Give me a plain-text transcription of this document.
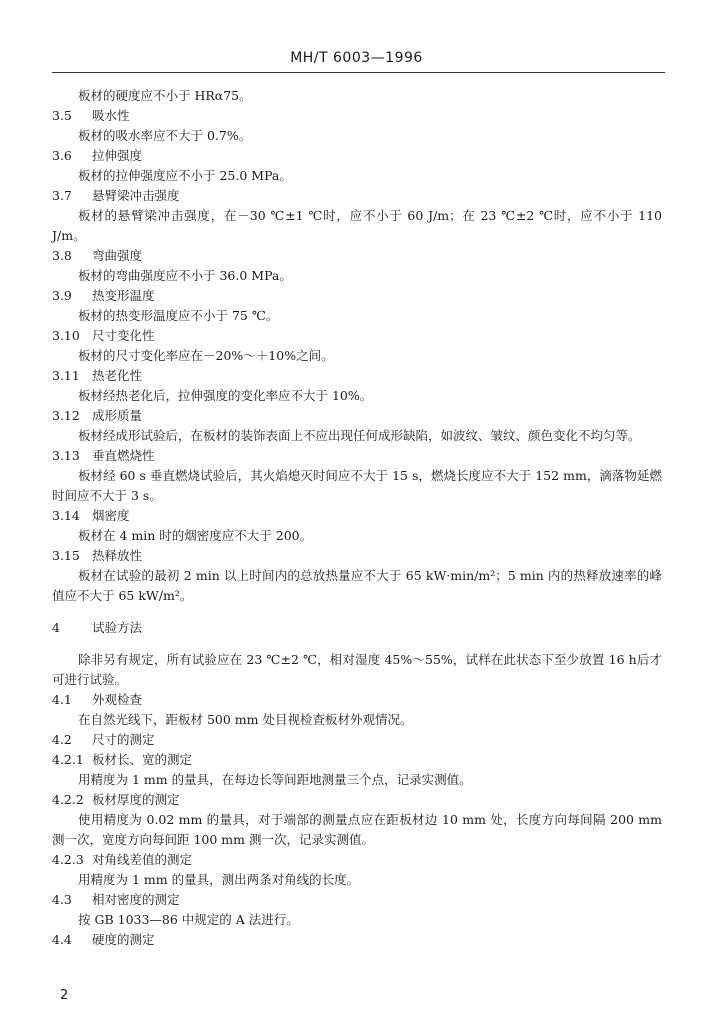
MH/T 6003—1996
板材的硬度应不小于 HRα75。
3.5 吸水性
板材的吸水率应不大于 0.7%。
3.6 拉伸强度
板材的拉伸强度应不小于 25.0 MPa。
3.7 悬臂梁冲击强度
板材的悬臂梁冲击强度，在－30 ℃±1 ℃时，应不小于 60 J/m；在 23 ℃±2 ℃时，应不小于 110 J/m。
3.8 弯曲强度
板材的弯曲强度应不小于 36.0 MPa。
3.9 热变形温度
板材的热变形温度应不小于 75 ℃。
3.10 尺寸变化性
板材的尺寸变化率应在－20%～＋10%之间。
3.11 热老化性
板材经热老化后，拉伸强度的变化率应不大于 10%。
3.12 成形质量
板材经成形试验后，在板材的装饰表面上不应出现任何成形缺陷，如波纹、皱纹、颜色变化不均匀等。
3.13 垂直燃烧性
板材经 60 s 垂直燃烧试验后，其火焰熄灭时间应不大于 15 s，燃烧长度应不大于 152 mm，滴落物延燃时间应不大于 3 s。
3.14 烟密度
板材在 4 min 时的烟密度应不大于 200。
3.15 热释放性
板材在试验的最初 2 min 以上时间内的总放热量应不大于 65 kW·min/m²；5 min 内的热释放速率的峰值应不大于 65 kW/m²。
4	试验方法
除非另有规定，所有试验应在 23 ℃±2 ℃，相对湿度 45%～55%，试样在此状态下至少放置 16 h后才可进行试验。
4.1 外观检查
在自然光线下，距板材 500 mm 处目视检查板材外观情况。
4.2 尺寸的测定
4.2.1 板材长、宽的测定
用精度为 1 mm 的量具，在每边长等间距地测量三个点，记录实测值。
4.2.2 板材厚度的测定
使用精度为 0.02 mm 的量具，对于端部的测量点应在距板材边 10 mm 处，长度方向每间隔 200 mm 测一次，宽度方向每间距 100 mm 测一次，记录实测值。
4.2.3 对角线差值的测定
用精度为 1 mm 的量具，测出两条对角线的长度。
4.3 相对密度的测定
按 GB 1033—86 中规定的 A 法进行。
4.4 硬度的测定
2
